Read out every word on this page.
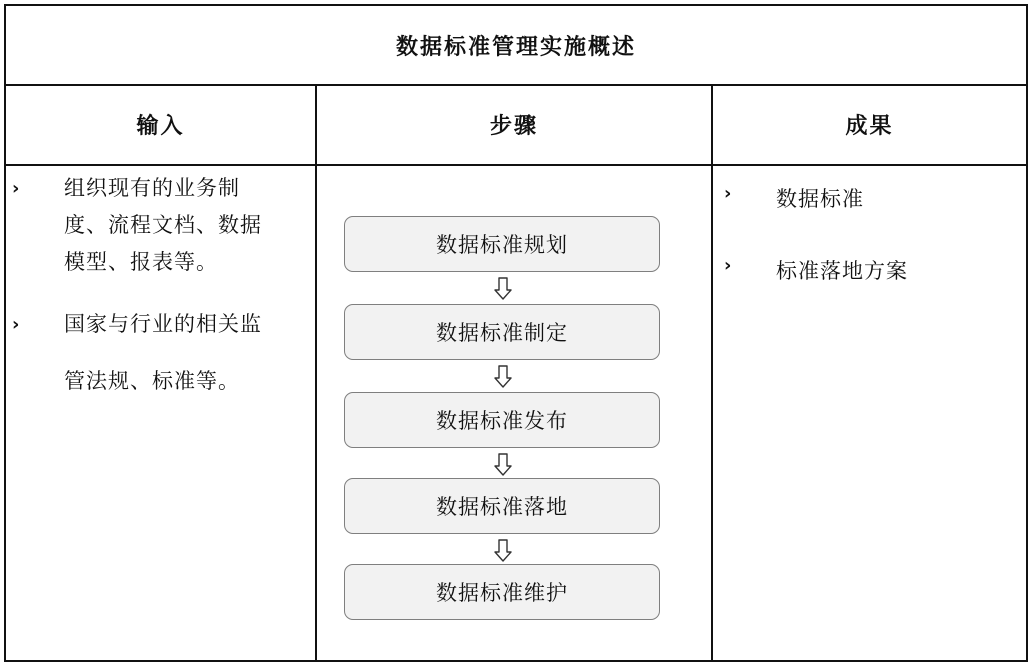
数据标准管理实施概述
输入	步骤	成果
› 组织现有的业务制
度、流程文档、数据
模型、报表等。
› 国家与行业的相关监
管法规、标准等。
数据标准规划
数据标准制定
数据标准发布
数据标准落地
数据标准维护
› 数据标准
› 标准落地方案
